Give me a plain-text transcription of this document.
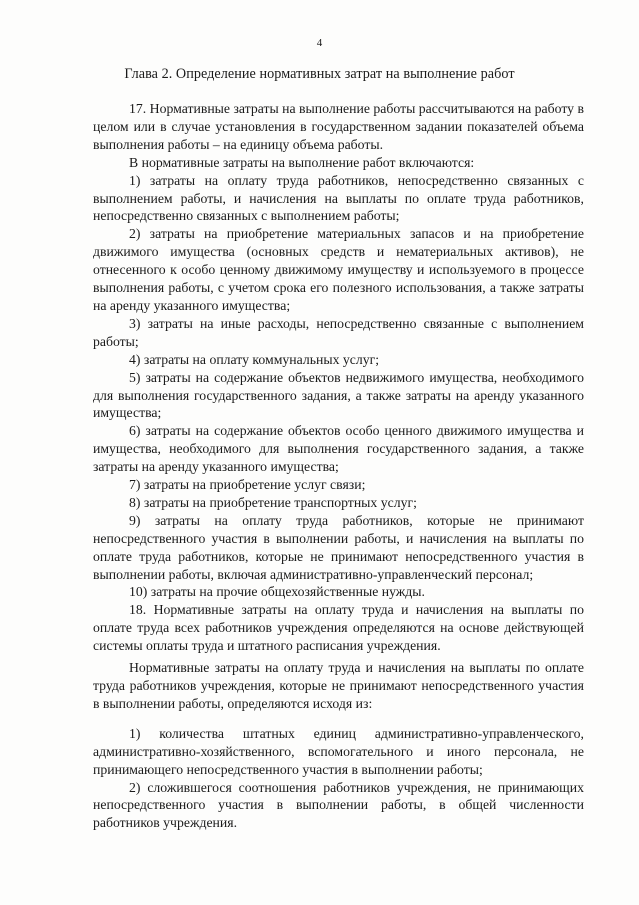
4
Глава 2. Определение нормативных затрат на выполнение работ

17. Нормативные затраты на выполнение работы рассчитываются на работу в целом или в случае установления в государственном задании показателей объема выполнения работы – на единицу объема работы.

В нормативные затраты на выполнение работ включаются:

1) затраты на оплату труда работников, непосредственно связанных с выполнением работы, и начисления на выплаты по оплате труда работников, непосредственно связанных с выполнением работы;

2) затраты на приобретение материальных запасов и на приобретение движимого имущества (основных средств и нематериальных активов), не отнесенного к особо ценному движимому имуществу и используемого в процессе выполнения работы, с учетом срока его полезного использования, а также затраты на аренду указанного имущества;

3) затраты на иные расходы, непосредственно связанные с выполнением работы;

4) затраты на оплату коммунальных услуг;

5) затраты на содержание объектов недвижимого имущества, необходимого для выполнения государственного задания, а также затраты на аренду указанного имущества;

6) затраты на содержание объектов особо ценного движимого имущества и имущества, необходимого для выполнения государственного задания, а также затраты на аренду указанного имущества;

7) затраты на приобретение услуг связи;

8) затраты на приобретение транспортных услуг;

9) затраты на оплату труда работников, которые не принимают непосредственного участия в выполнении работы, и начисления на выплаты по оплате труда работников, которые не принимают непосредственного участия в выполнении работы, включая административно-управленческий персонал;

10) затраты на прочие общехозяйственные нужды.

18. Нормативные затраты на оплату труда и начисления на выплаты по оплате труда всех работников учреждения определяются на основе действующей системы оплаты труда и штатного расписания учреждения.

Нормативные затраты на оплату труда и начисления на выплаты по оплате труда работников учреждения, которые не принимают непосредственного участия в выполнении работы, определяются исходя из:

1) количества штатных единиц административно-управленческого, административно-хозяйственного, вспомогательного и иного персонала, не принимающего непосредственного участия в выполнении работы;

2) сложившегося соотношения работников учреждения, не принимающих непосредственного участия в выполнении работы, в общей численности работников учреждения.
